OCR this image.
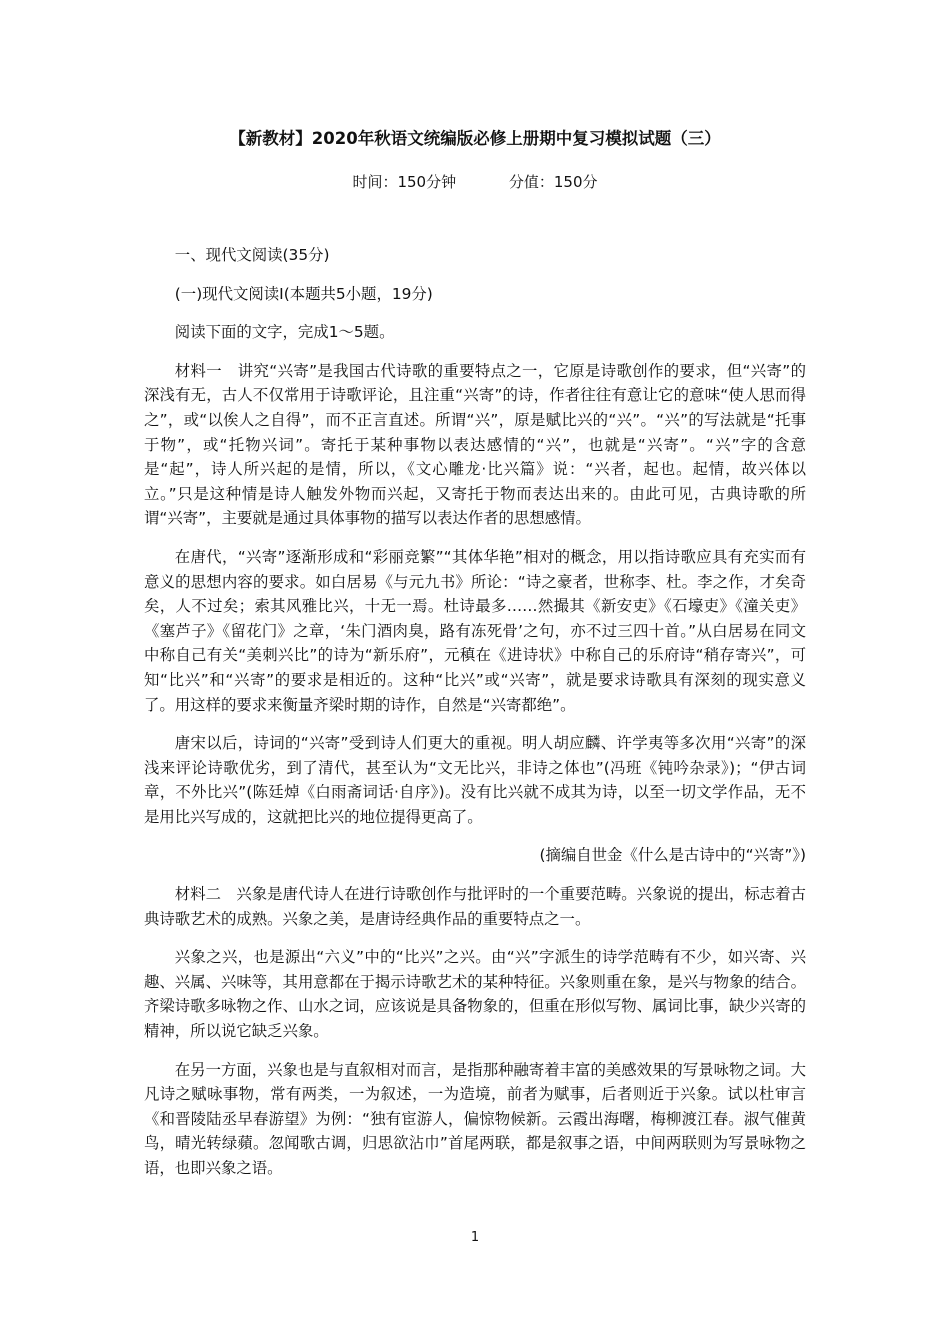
【新教材】2020年秋语文统编版必修上册期中复习模拟试题（三）
时间：150分钟	分值：150分

一、现代文阅读(35分)

(一)现代文阅读Ⅰ(本题共5小题，19分)

阅读下面的文字，完成1～5题。

材料一　讲究“兴寄”是我国古代诗歌的重要特点之一，它原是诗歌创作的要求，但“兴寄”的深浅有无，古人不仅常用于诗歌评论，且注重“兴寄”的诗，作者往往有意让它的意味“使人思而得之”，或“以俟人之自得”，而不正言直述。所谓“兴”，原是赋比兴的“兴”。“兴”的写法就是“托事于物”，或“托物兴词”。寄托于某种事物以表达感情的“兴”，也就是“兴寄”。“兴”字的含意是“起”，诗人所兴起的是情，所以，《文心雕龙·比兴篇》说：“兴者，起也。起情，故兴体以立。”只是这种情是诗人触发外物而兴起，又寄托于物而表达出来的。由此可见，古典诗歌的所谓“兴寄”，主要就是通过具体事物的描写以表达作者的思想感情。

在唐代，“兴寄”逐渐形成和“彩丽竞繁”“其体华艳”相对的概念，用以指诗歌应具有充实而有意义的思想内容的要求。如白居易《与元九书》所论：“诗之豪者，世称李、杜。李之作，才矣奇矣，人不过矣；索其风雅比兴，十无一焉。杜诗最多……然撮其《新安吏》《石壕吏》《潼关吏》《塞芦子》《留花门》之章，‘朱门酒肉臭，路有冻死骨’之句，亦不过三四十首。”从白居易在同文中称自己有关“美刺兴比”的诗为“新乐府”，元稹在《进诗状》中称自己的乐府诗“稍存寄兴”，可知“比兴”和“兴寄”的要求是相近的。这种“比兴”或“兴寄”，就是要求诗歌具有深刻的现实意义了。用这样的要求来衡量齐梁时期的诗作，自然是“兴寄都绝”。

唐宋以后，诗词的“兴寄”受到诗人们更大的重视。明人胡应麟、许学夷等多次用“兴寄”的深浅来评论诗歌优劣，到了清代，甚至认为“文无比兴，非诗之体也”(冯班《钝吟杂录》)；“伊古词章，不外比兴”(陈廷焯《白雨斋词话·自序》)。没有比兴就不成其为诗，以至一切文学作品，无不是用比兴写成的，这就把比兴的地位提得更高了。

(摘编自世金《什么是古诗中的“兴寄”》)

材料二　兴象是唐代诗人在进行诗歌创作与批评时的一个重要范畴。兴象说的提出，标志着古典诗歌艺术的成熟。兴象之美，是唐诗经典作品的重要特点之一。

兴象之兴，也是源出“六义”中的“比兴”之兴。由“兴”字派生的诗学范畴有不少，如兴寄、兴趣、兴属、兴味等，其用意都在于揭示诗歌艺术的某种特征。兴象则重在象，是兴与物象的结合。齐梁诗歌多咏物之作、山水之词，应该说是具备物象的，但重在形似写物、属词比事，缺少兴寄的精神，所以说它缺乏兴象。

在另一方面，兴象也是与直叙相对而言，是指那种融寄着丰富的美感效果的写景咏物之词。大凡诗之赋咏事物，常有两类，一为叙述，一为造境，前者为赋事，后者则近于兴象。试以杜审言《和晋陵陆丞早春游望》为例：“独有宦游人，偏惊物候新。云霞出海曙，梅柳渡江春。淑气催黄鸟，晴光转绿蘋。忽闻歌古调，归思欲沾巾”首尾两联，都是叙事之语，中间两联则为写景咏物之语，也即兴象之语。

1
